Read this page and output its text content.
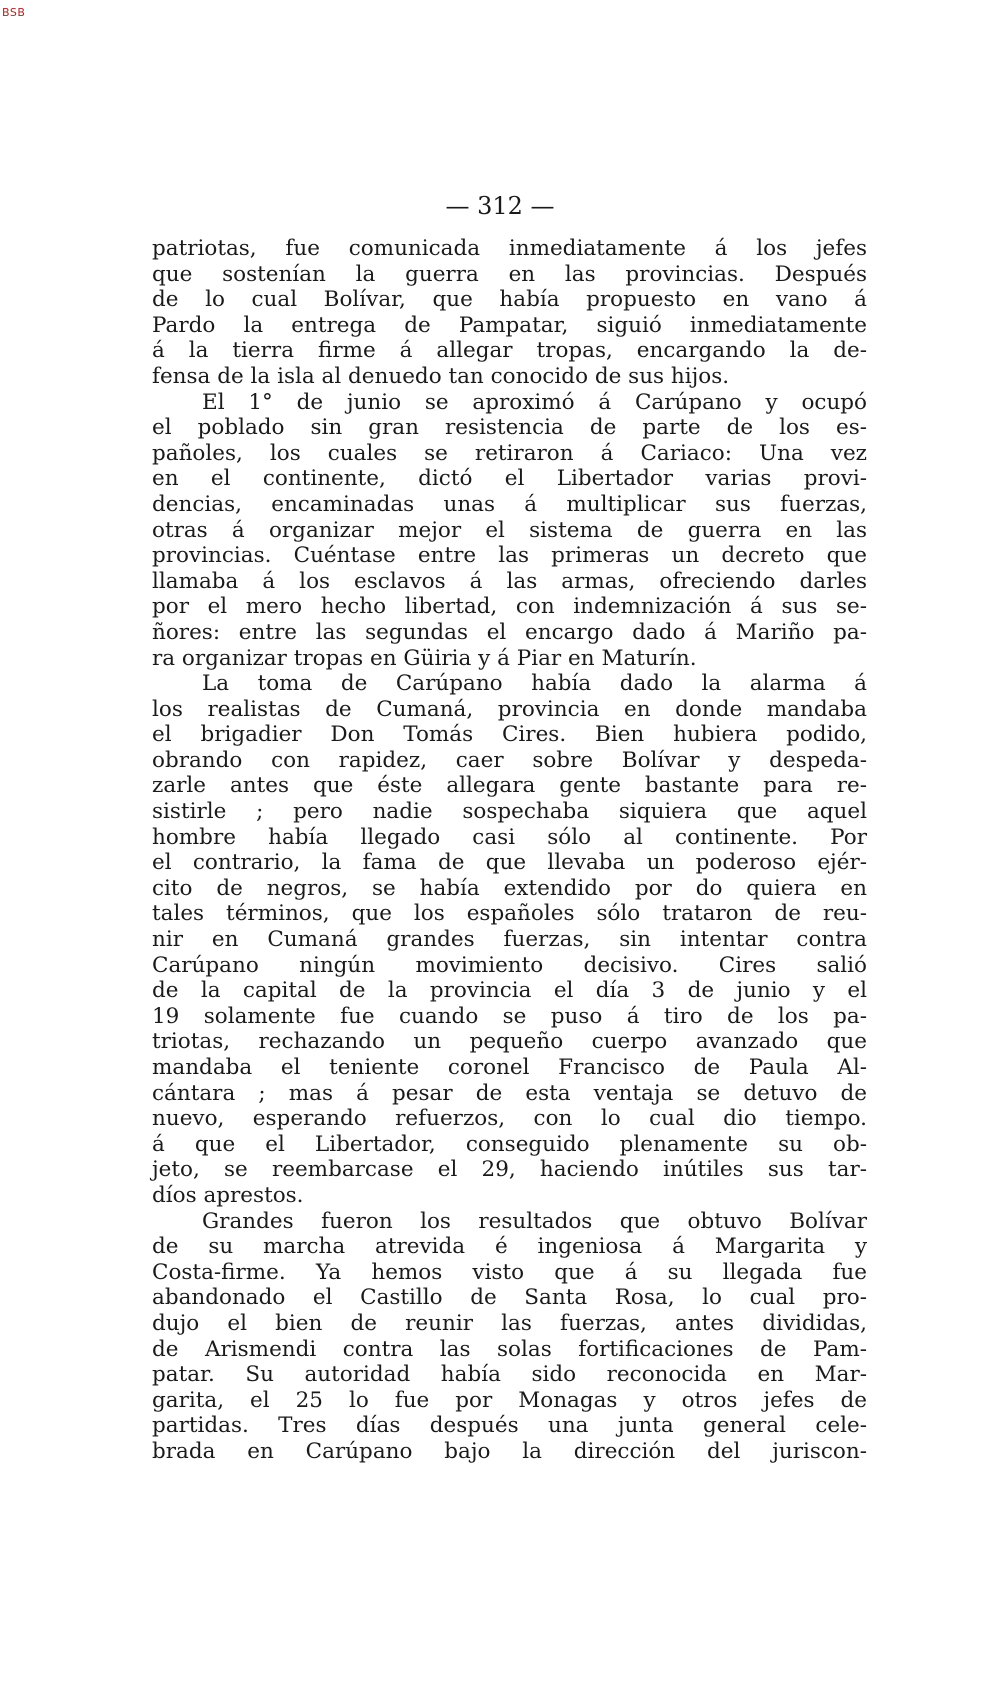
BSB
— 312 —
patriotas, fue comunicada inmediatamente á los jefes
que sostenían la guerra en las provincias. Después
de lo cual Bolívar, que había propuesto en vano á
Pardo la entrega de Pampatar, siguió inmediatamente
á la tierra firme á allegar tropas, encargando la de-
fensa de la isla al denuedo tan conocido de sus hijos.
El 1° de junio se aproximó á Carúpano y ocupó
el poblado sin gran resistencia de parte de los es-
pañoles, los cuales se retiraron á Cariaco: Una vez
en el continente, dictó el Libertador varias provi-
dencias, encaminadas unas á multiplicar sus fuerzas,
otras á organizar mejor el sistema de guerra en las
provincias. Cuéntase entre las primeras un decreto que
llamaba á los esclavos á las armas, ofreciendo darles
por el mero hecho libertad, con indemnización á sus se-
ñores: entre las segundas el encargo dado á Mariño pa-
ra organizar tropas en Güiria y á Piar en Maturín.
La toma de Carúpano había dado la alarma á
los realistas de Cumaná, provincia en donde mandaba
el brigadier Don Tomás Cires. Bien hubiera podido,
obrando con rapidez, caer sobre Bolívar y despeda-
zarle antes que éste allegara gente bastante para re-
sistirle ; pero nadie sospechaba siquiera que aquel
hombre había llegado casi sólo al continente. Por
el contrario, la fama de que llevaba un poderoso ejér-
cito de negros, se había extendido por do quiera en
tales términos, que los españoles sólo trataron de reu-
nir en Cumaná grandes fuerzas, sin intentar contra
Carúpano ningún movimiento decisivo. Cires salió
de la capital de la provincia el día 3 de junio y el
19 solamente fue cuando se puso á tiro de los pa-
triotas, rechazando un pequeño cuerpo avanzado que
mandaba el teniente coronel Francisco de Paula Al-
cántara ; mas á pesar de esta ventaja se detuvo de
nuevo, esperando refuerzos, con lo cual dio tiempo.
á que el Libertador, conseguido plenamente su ob-
jeto, se reembarcase el 29, haciendo inútiles sus tar-
díos aprestos.
Grandes fueron los resultados que obtuvo Bolívar
de su marcha atrevida é ingeniosa á Margarita y
Costa-firme. Ya hemos visto que á su llegada fue
abandonado el Castillo de Santa Rosa, lo cual pro-
dujo el bien de reunir las fuerzas, antes divididas,
de Arismendi contra las solas fortificaciones de Pam-
patar. Su autoridad había sido reconocida en Mar-
garita, el 25 lo fue por Monagas y otros jefes de
partidas. Tres días después una junta general cele-
brada en Carúpano bajo la dirección del juriscon-
